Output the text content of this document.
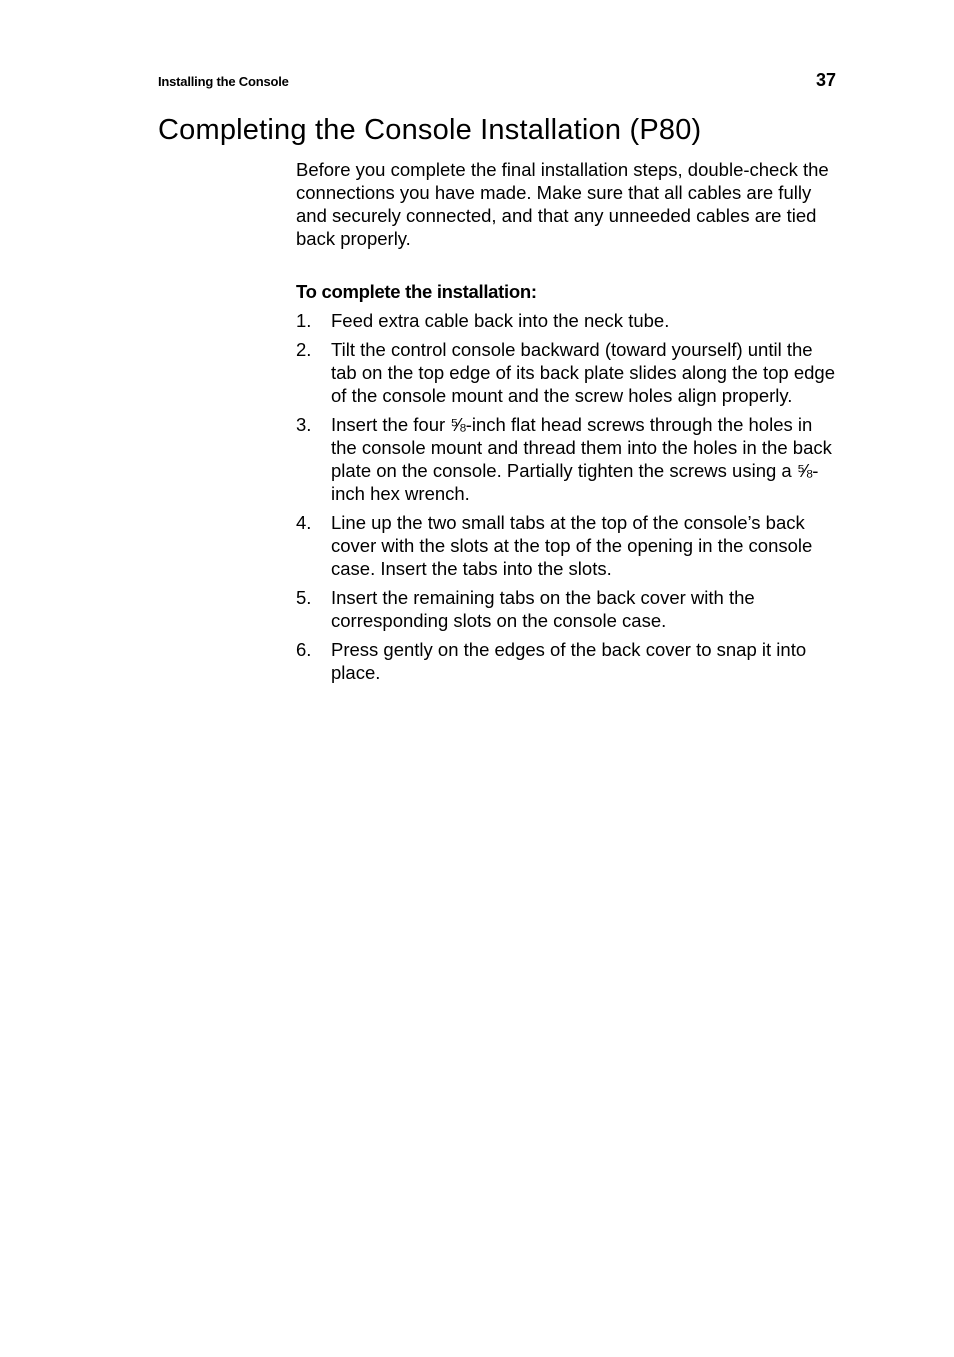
Installing the Console	37
Completing the Console Installation (P80)

Before you complete the final installation steps, double-check the connections you have made. Make sure that all cables are fully and securely connected, and that any unneeded cables are tied back properly.

To complete the installation:

1. Feed extra cable back into the neck tube.
2. Tilt the control console backward (toward yourself) until the tab on the top edge of its back plate slides along the top edge of the console mount and the screw holes align properly.
3. Insert the four ⅝-inch flat head screws through the holes in the console mount and thread them into the holes in the back plate on the console. Partially tighten the screws using a ⅝-inch hex wrench.
4. Line up the two small tabs at the top of the console’s back cover with the slots at the top of the opening in the console case. Insert the tabs into the slots.
5. Insert the remaining tabs on the back cover with the corresponding slots on the console case.
6. Press gently on the edges of the back cover to snap it into place.
